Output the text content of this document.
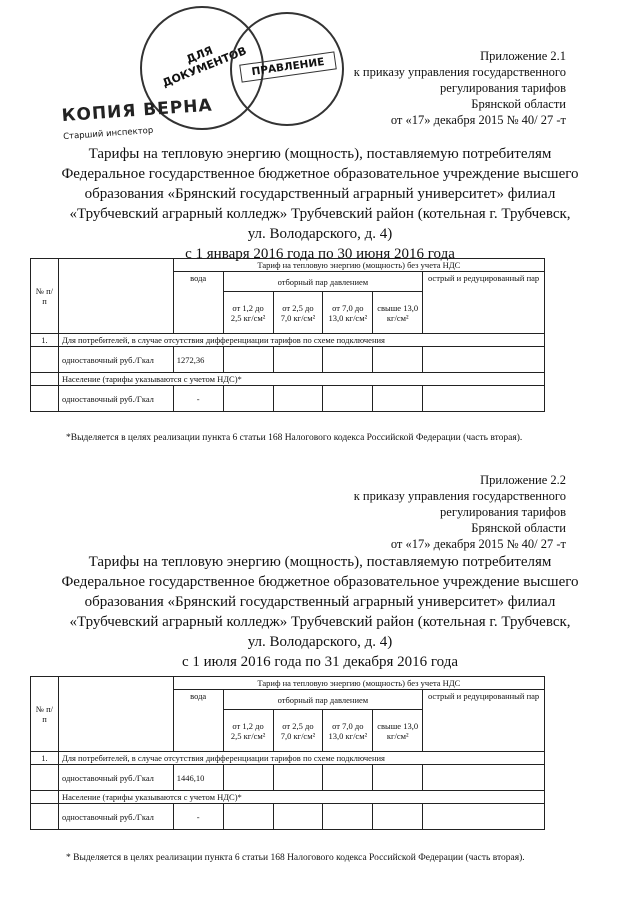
ДЛЯ ДОКУМЕНТОВ ПРАВЛЕНИЕ
КОПИЯ ВЕРНА
Старший инспектор
Приложение 2.1
к приказу управления государственного
регулирования тарифов
Брянской области
от «17» декабря 2015 № 40/ 27 -т
Тарифы на тепловую энергию (мощность), поставляемую потребителям
Федеральное государственное бюджетное образовательное учреждение высшего
образования «Брянский государственный аграрный университет» филиал
«Трубчевский аграрный колледж» Трубчевский район (котельная г. Трубчевск,
ул. Володарского, д. 4)
с 1 января 2016 года по 30 июня 2016 года
№ п/п		Тариф на тепловую энергию (мощность) без учета НДС					
		вода	отборный пар давлением				острый и редуцированный пар
			от 1,2 до 2,5 кг/см²	от 2,5 до 7,0 кг/см²	от 7,0 до 13,0 кг/см²	свыше 13,0 кг/см²	
1.	Для потребителей, в случае отсутствия дифференциации тарифов по схеме подключения						
	одноставочный руб./Гкал	1272,36					
	Население (тарифы указываются с учетом НДС)*						
	одноставочный руб./Гкал	-					
*Выделяется в целях реализации пункта 6 статьи 168 Налогового кодекса Российской Федерации (часть вторая).
Приложение 2.2
к приказу управления государственного
регулирования тарифов
Брянской области
от «17» декабря 2015 № 40/ 27 -т
Тарифы на тепловую энергию (мощность), поставляемую потребителям
Федеральное государственное бюджетное образовательное учреждение высшего
образования «Брянский государственный аграрный университет» филиал
«Трубчевский аграрный колледж» Трубчевский район (котельная г. Трубчевск,
ул. Володарского, д. 4)
с 1 июля 2016 года по 31 декабря 2016 года
№ п/п		Тариф на тепловую энергию (мощность) без учета НДС					
		вода	отборный пар давлением				острый и редуцированный пар
			от 1,2 до 2,5 кг/см²	от 2,5 до 7,0 кг/см²	от 7,0 до 13,0 кг/см²	свыше 13,0 кг/см²	
1.	Для потребителей, в случае отсутствия дифференциации тарифов по схеме подключения						
	одноставочный руб./Гкал	1446,10					
	Население (тарифы указываются с учетом НДС)*						
	одноставочный руб./Гкал	-					
* Выделяется в целях реализации пункта 6 статьи 168 Налогового кодекса Российской Федерации (часть вторая).
